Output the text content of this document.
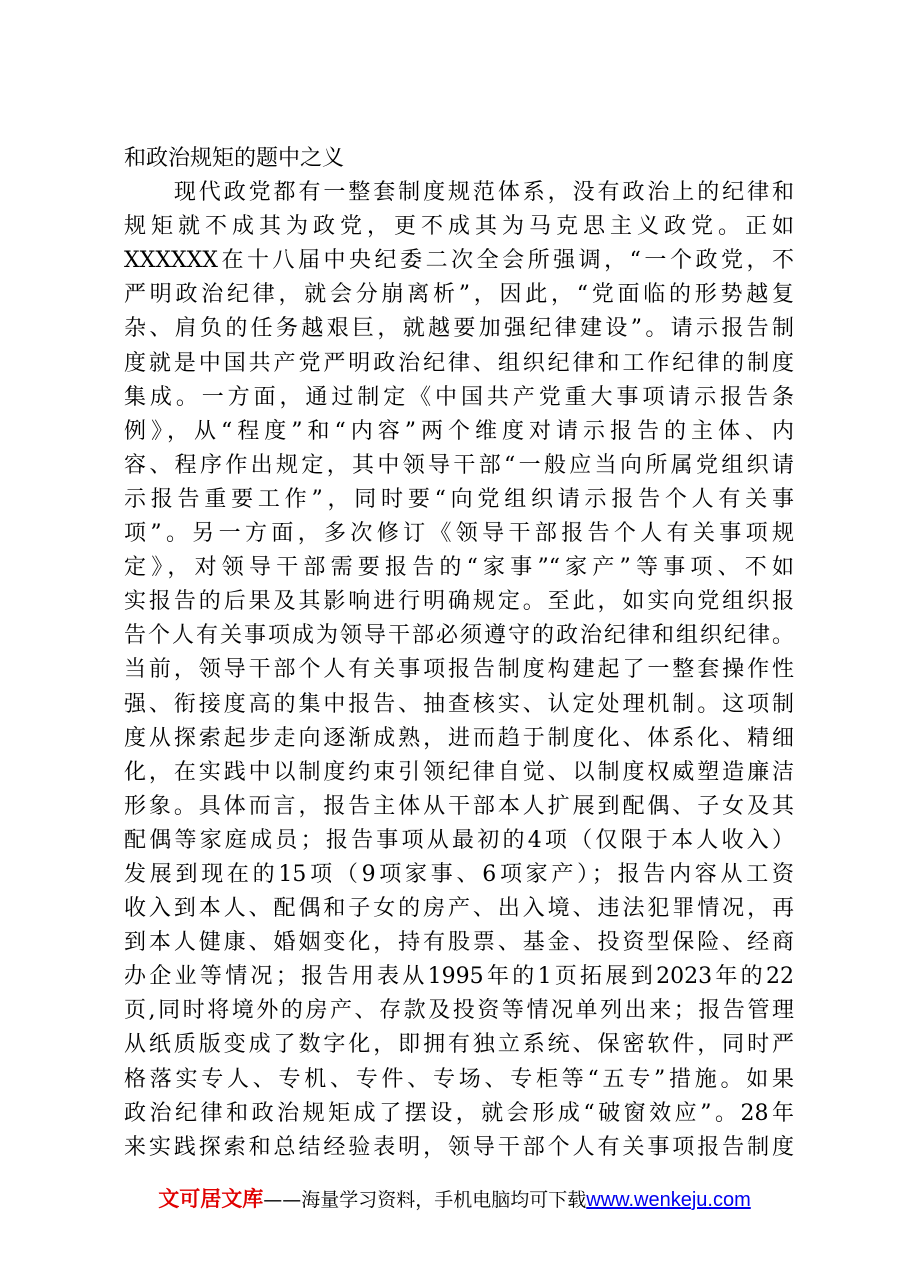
和政治规矩的题中之义
　　现代政党都有一整套制度规范体系，没有政治上的纪律和
规矩就不成其为政党，更不成其为马克思主义政党。正如
XXXXXX在十八届中央纪委二次全会所强调，“一个政党，不
严明政治纪律，就会分崩离析”，因此，“党面临的形势越复
杂、肩负的任务越艰巨，就越要加强纪律建设”。请示报告制
度就是中国共产党严明政治纪律、组织纪律和工作纪律的制度
集成。一方面，通过制定《中国共产党重大事项请示报告条
例》，从“程度”和“内容”两个维度对请示报告的主体、内
容、程序作出规定，其中领导干部“一般应当向所属党组织请
示报告重要工作”，同时要“向党组织请示报告个人有关事
项”。另一方面，多次修订《领导干部报告个人有关事项规
定》，对领导干部需要报告的“家事”“家产”等事项、不如
实报告的后果及其影响进行明确规定。至此，如实向党组织报
告个人有关事项成为领导干部必须遵守的政治纪律和组织纪律。
当前，领导干部个人有关事项报告制度构建起了一整套操作性
强、衔接度高的集中报告、抽查核实、认定处理机制。这项制
度从探索起步走向逐渐成熟，进而趋于制度化、体系化、精细
化，在实践中以制度约束引领纪律自觉、以制度权威塑造廉洁
形象。具体而言，报告主体从干部本人扩展到配偶、子女及其
配偶等家庭成员；报告事项从最初的4项（仅限于本人收入）
发展到现在的15项（9项家事、6项家产）；报告内容从工资
收入到本人、配偶和子女的房产、出入境、违法犯罪情况，再
到本人健康、婚姻变化，持有股票、基金、投资型保险、经商
办企业等情况；报告用表从1995年的1页拓展到2023年的22
页,同时将境外的房产、存款及投资等情况单列出来；报告管理
从纸质版变成了数字化，即拥有独立系统、保密软件，同时严
格落实专人、专机、专件、专场、专柜等“五专”措施。如果
政治纪律和政治规矩成了摆设，就会形成“破窗效应”。28年
来实践探索和总结经验表明，领导干部个人有关事项报告制度
文可居文库——海量学习资料，手机电脑均可下载www.wenkeju.com
